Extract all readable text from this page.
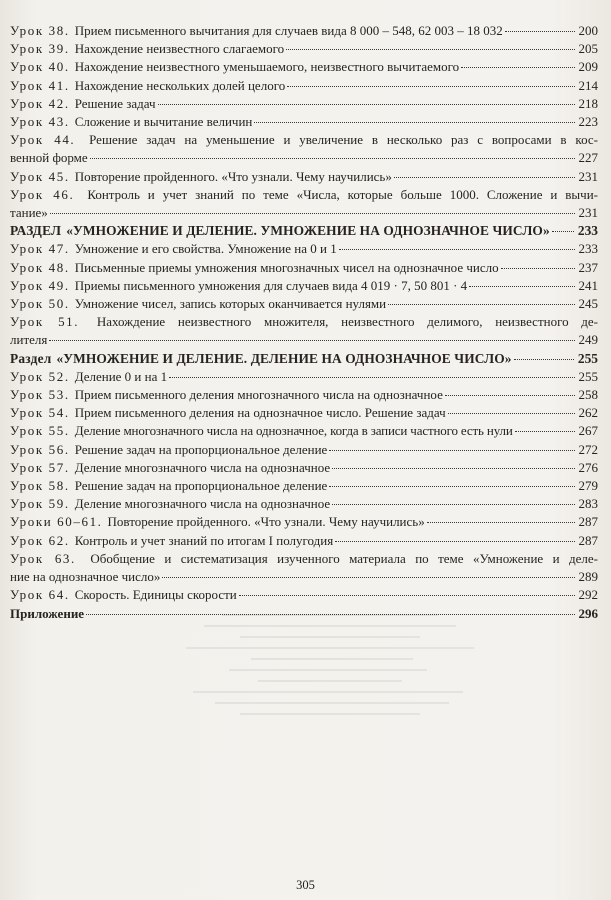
Урок 38. Прием письменного вычитания для случаев вида 8 000 – 548, 62 003 – 18 032	200
Урок 39. Нахождение неизвестного слагаемого	205
Урок 40. Нахождение неизвестного уменьшаемого, неизвестного вычитаемого	209
Урок 41. Нахождение нескольких долей целого	214
Урок 42. Решение задач	218
Урок 43. Сложение и вычитание величин	223
Урок 44. Решение задач на уменьшение и увеличение в несколько раз с вопросами в кос-
венной форме	227
Урок 45. Повторение пройденного. «Что узнали. Чему научились»	231
Урок 46. Контроль и учет знаний по теме «Числа, которые больше 1000. Сложение и вычи-
тание»	231
РАЗДЕЛ «УМНОЖЕНИЕ И ДЕЛЕНИЕ. УМНОЖЕНИЕ НА ОДНОЗНАЧНОЕ ЧИСЛО» 233
Урок 47. Умножение и его свойства. Умножение на 0 и 1	233
Урок 48. Письменные приемы умножения многозначных чисел на однозначное число	237
Урок 49. Приемы письменного умножения для случаев вида 4 019 · 7, 50 801 · 4	241
Урок 50. Умножение чисел, запись которых оканчивается нулями	245
Урок 51. Нахождение неизвестного множителя, неизвестного делимого, неизвестного де-
лителя	249
Раздел «УМНОЖЕНИЕ И ДЕЛЕНИЕ. ДЕЛЕНИЕ НА ОДНОЗНАЧНОЕ ЧИСЛО»	255
Урок 52. Деление 0 и на 1	255
Урок 53. Прием письменного деления многозначного числа на однозначное	258
Урок 54. Прием письменного деления на однозначное число. Решение задач	262
Урок 55. Деление многозначного числа на однозначное, когда в записи частного есть нули	267
Урок 56. Решение задач на пропорциональное деление	272
Урок 57. Деление многозначного числа на однозначное	276
Урок 58. Решение задач на пропорциональное деление	279
Урок 59. Деление многозначного числа на однозначное	283
Уроки 60–61. Повторение пройденного. «Что узнали. Чему научились»	287
Урок 62. Контроль и учет знаний по итогам I полугодия	287
Урок 63. Обобщение и систематизация изученного материала по теме «Умножение и деле-
ние на однозначное число»	289
Урок 64. Скорость. Единицы скорости	292
Приложение	296
305
